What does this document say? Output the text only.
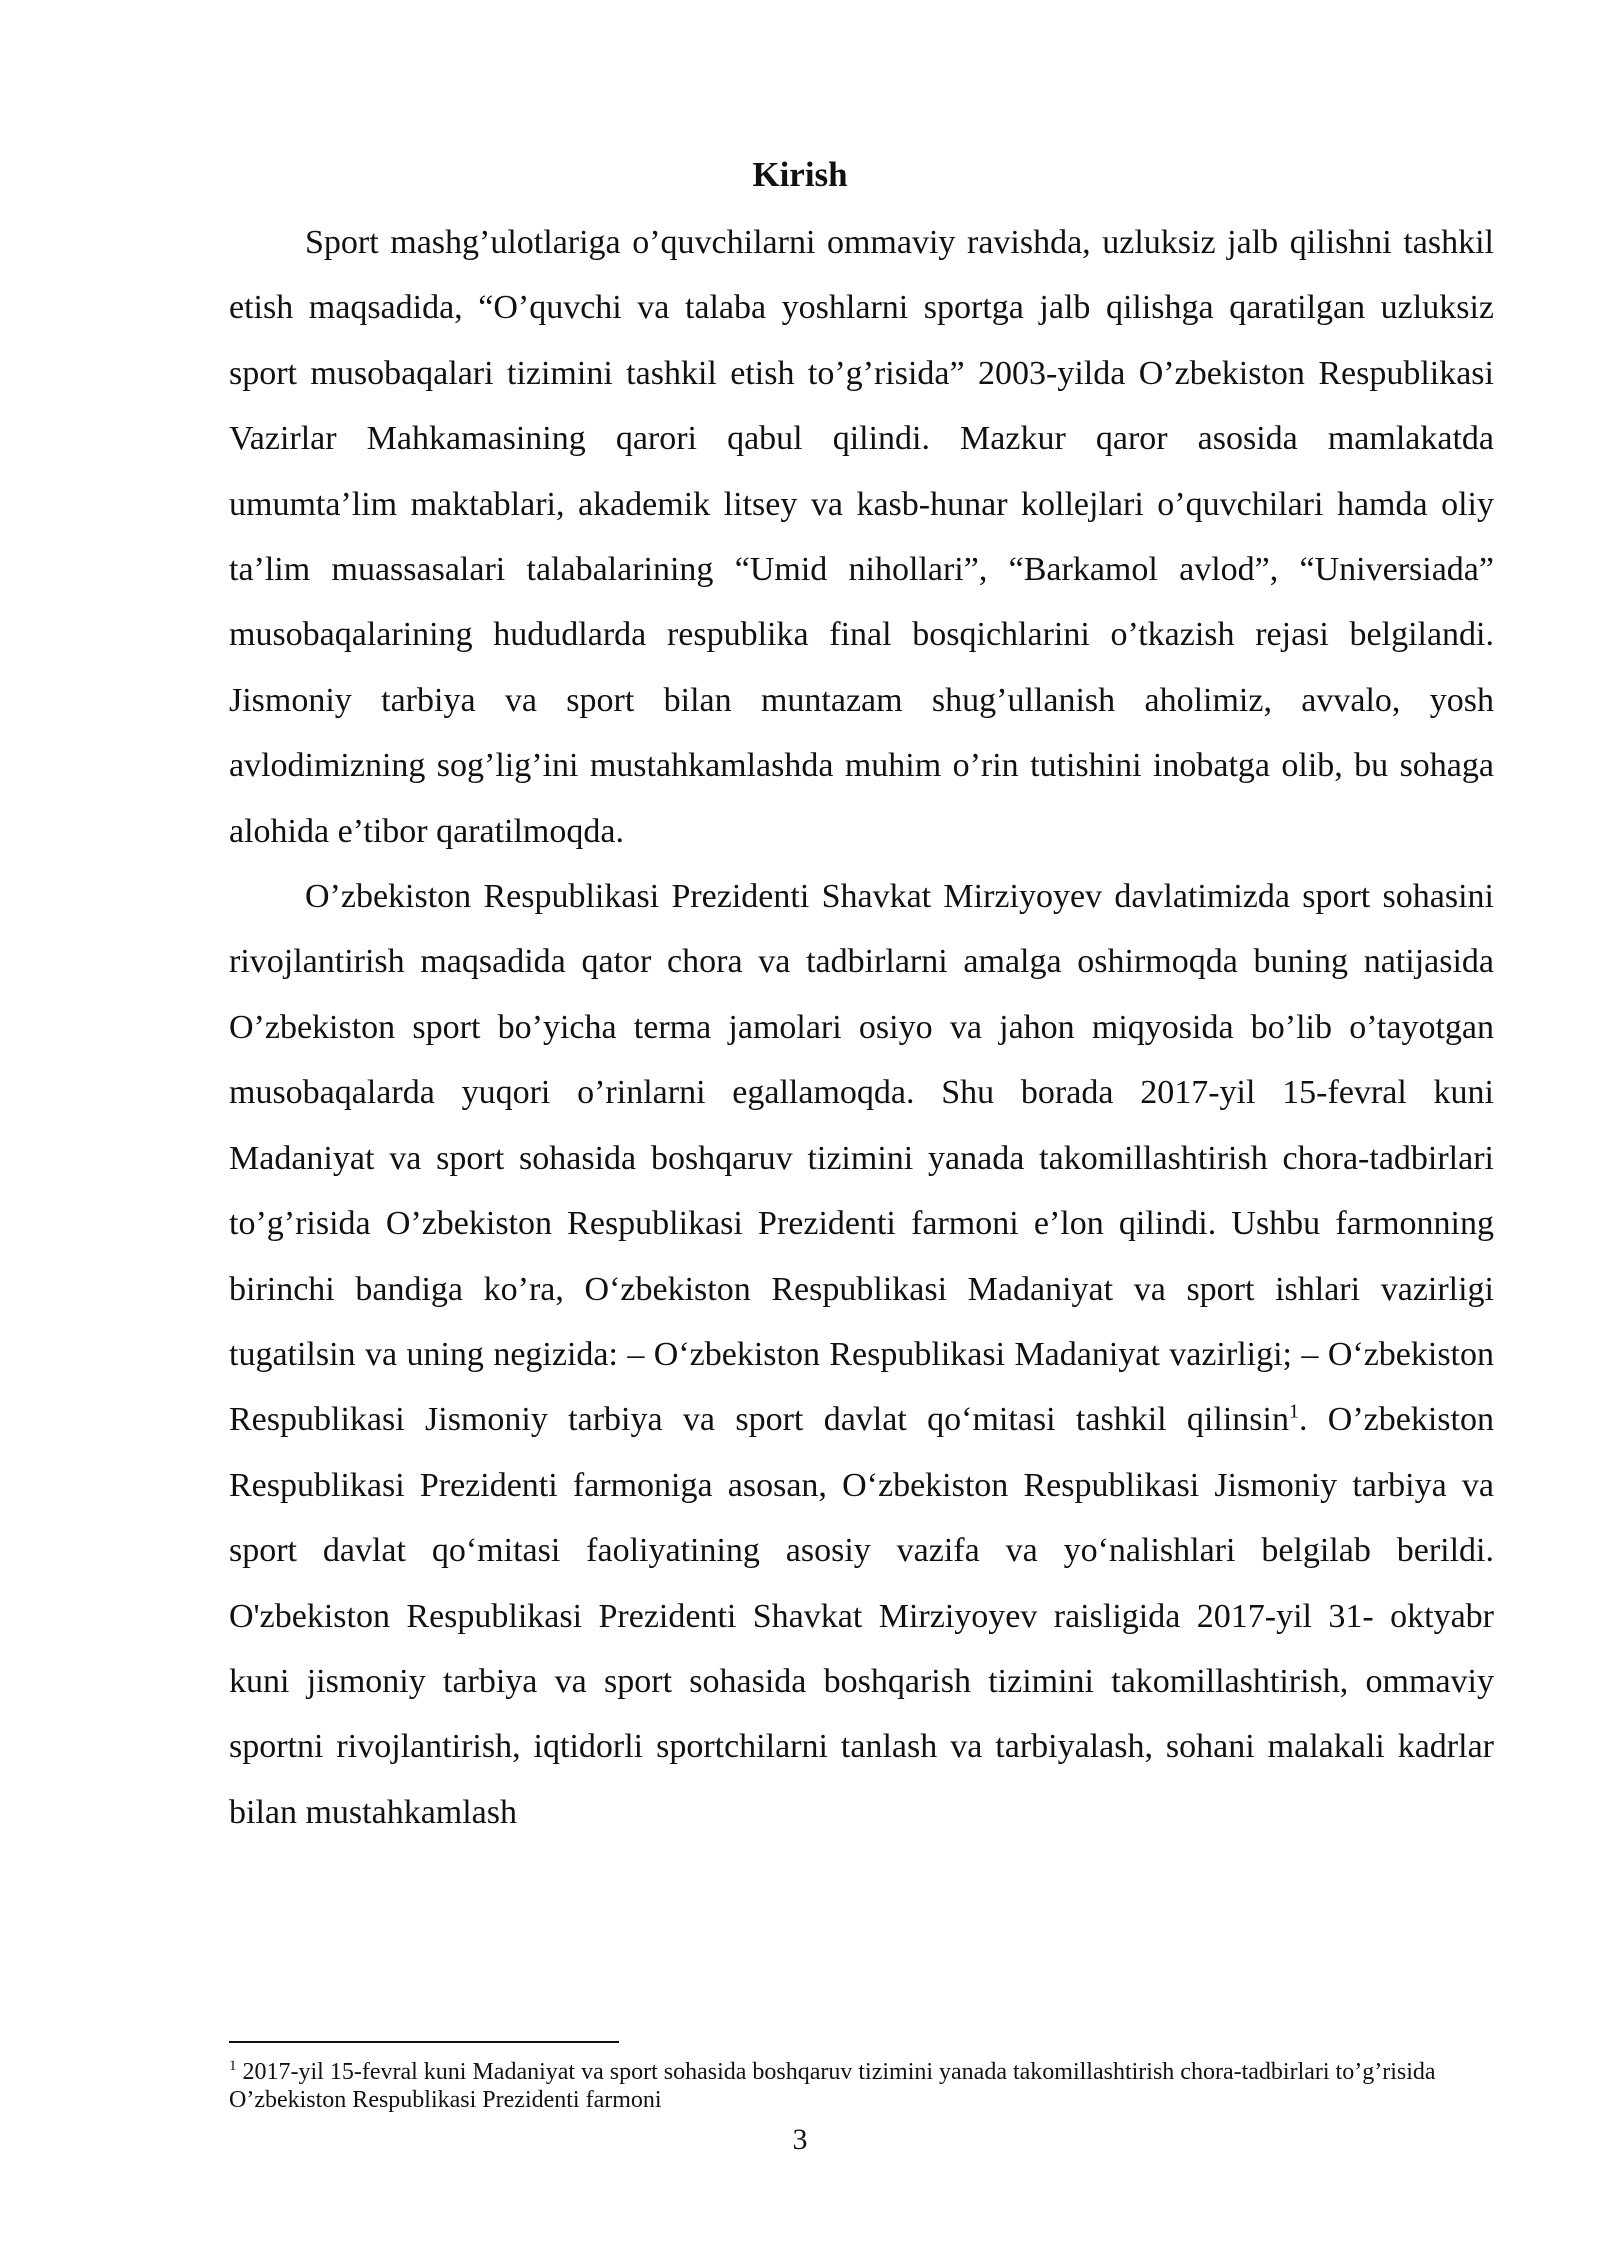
Kirish

Sport mashg’ulotlariga o’quvchilarni ommaviy ravishda, uzluksiz jalb qilishni tashkil etish maqsadida, “O’quvchi va talaba yoshlarni sportga jalb qilishga qaratilgan uzluksiz sport musobaqalari tizimini tashkil etish to’g’risida” 2003-yilda O’zbekiston Respublikasi Vazirlar Mahkamasining qarori qabul qilindi. Mazkur qaror asosida mamlakatda umumta’lim maktablari, akademik litsey va kasb-hunar kollejlari o’quvchilari hamda oliy ta’lim muassasalari talabalarining “Umid nihollari”, “Barkamol avlod”, “Universiada” musobaqalarining hududlarda respublika final bosqichlarini o’tkazish rejasi belgilandi. Jismoniy tarbiya va sport bilan muntazam shug’ullanish aholimiz, avvalo, yosh avlodimizning sog’lig’ini mustahkamlashda muhim o’rin tutishini inobatga olib, bu sohaga alohida e’tibor qaratilmoqda.

O’zbekiston Respublikasi Prezidenti Shavkat Mirziyoyev davlatimizda sport sohasini rivojlantirish maqsadida qator chora va tadbirlarni amalga oshirmoqda buning natijasida O’zbekiston sport bo’yicha terma jamolari osiyo va jahon miqyosida bo’lib o’tayotgan musobaqalarda yuqori o’rinlarni egallamoqda. Shu borada 2017-yil 15-fevral kuni Madaniyat va sport sohasida boshqaruv tizimini yanada takomillashtirish chora-tadbirlari to’g’risida O’zbekiston Respublikasi Prezidenti farmoni e’lon qilindi. Ushbu farmonning birinchi bandiga ko’ra, O‘zbekiston Respublikasi Madaniyat va sport ishlari vazirligi tugatilsin va uning negizida: – O‘zbekiston Respublikasi Madaniyat vazirligi; – O‘zbekiston Respublikasi Jismoniy tarbiya va sport davlat qo‘mitasi tashkil qilinsin$^1$. O’zbekiston Respublikasi Prezidenti farmoniga asosan, O‘zbekiston Respublikasi Jismoniy tarbiya va sport davlat qo‘mitasi faoliyatining asosiy vazifa va yo‘nalishlari belgilab berildi. O'zbekiston Respublikasi Prezidenti Shavkat Mirziyoyev raisligida 2017-yil 31- oktyabr kuni jismoniy tarbiya va sport sohasida boshqarish tizimini takomillashtirish, ommaviy sportni rivojlantirish, iqtidorli sportchilarni tanlash va tarbiyalash, sohani malakali kadrlar bilan mustahkamlash

$^1$ 2017-yil 15-fevral kuni Madaniyat va sport sohasida boshqaruv tizimini yanada takomillashtirish chora-tadbirlari to’g’risida O’zbekiston Respublikasi Prezidenti farmoni

3
